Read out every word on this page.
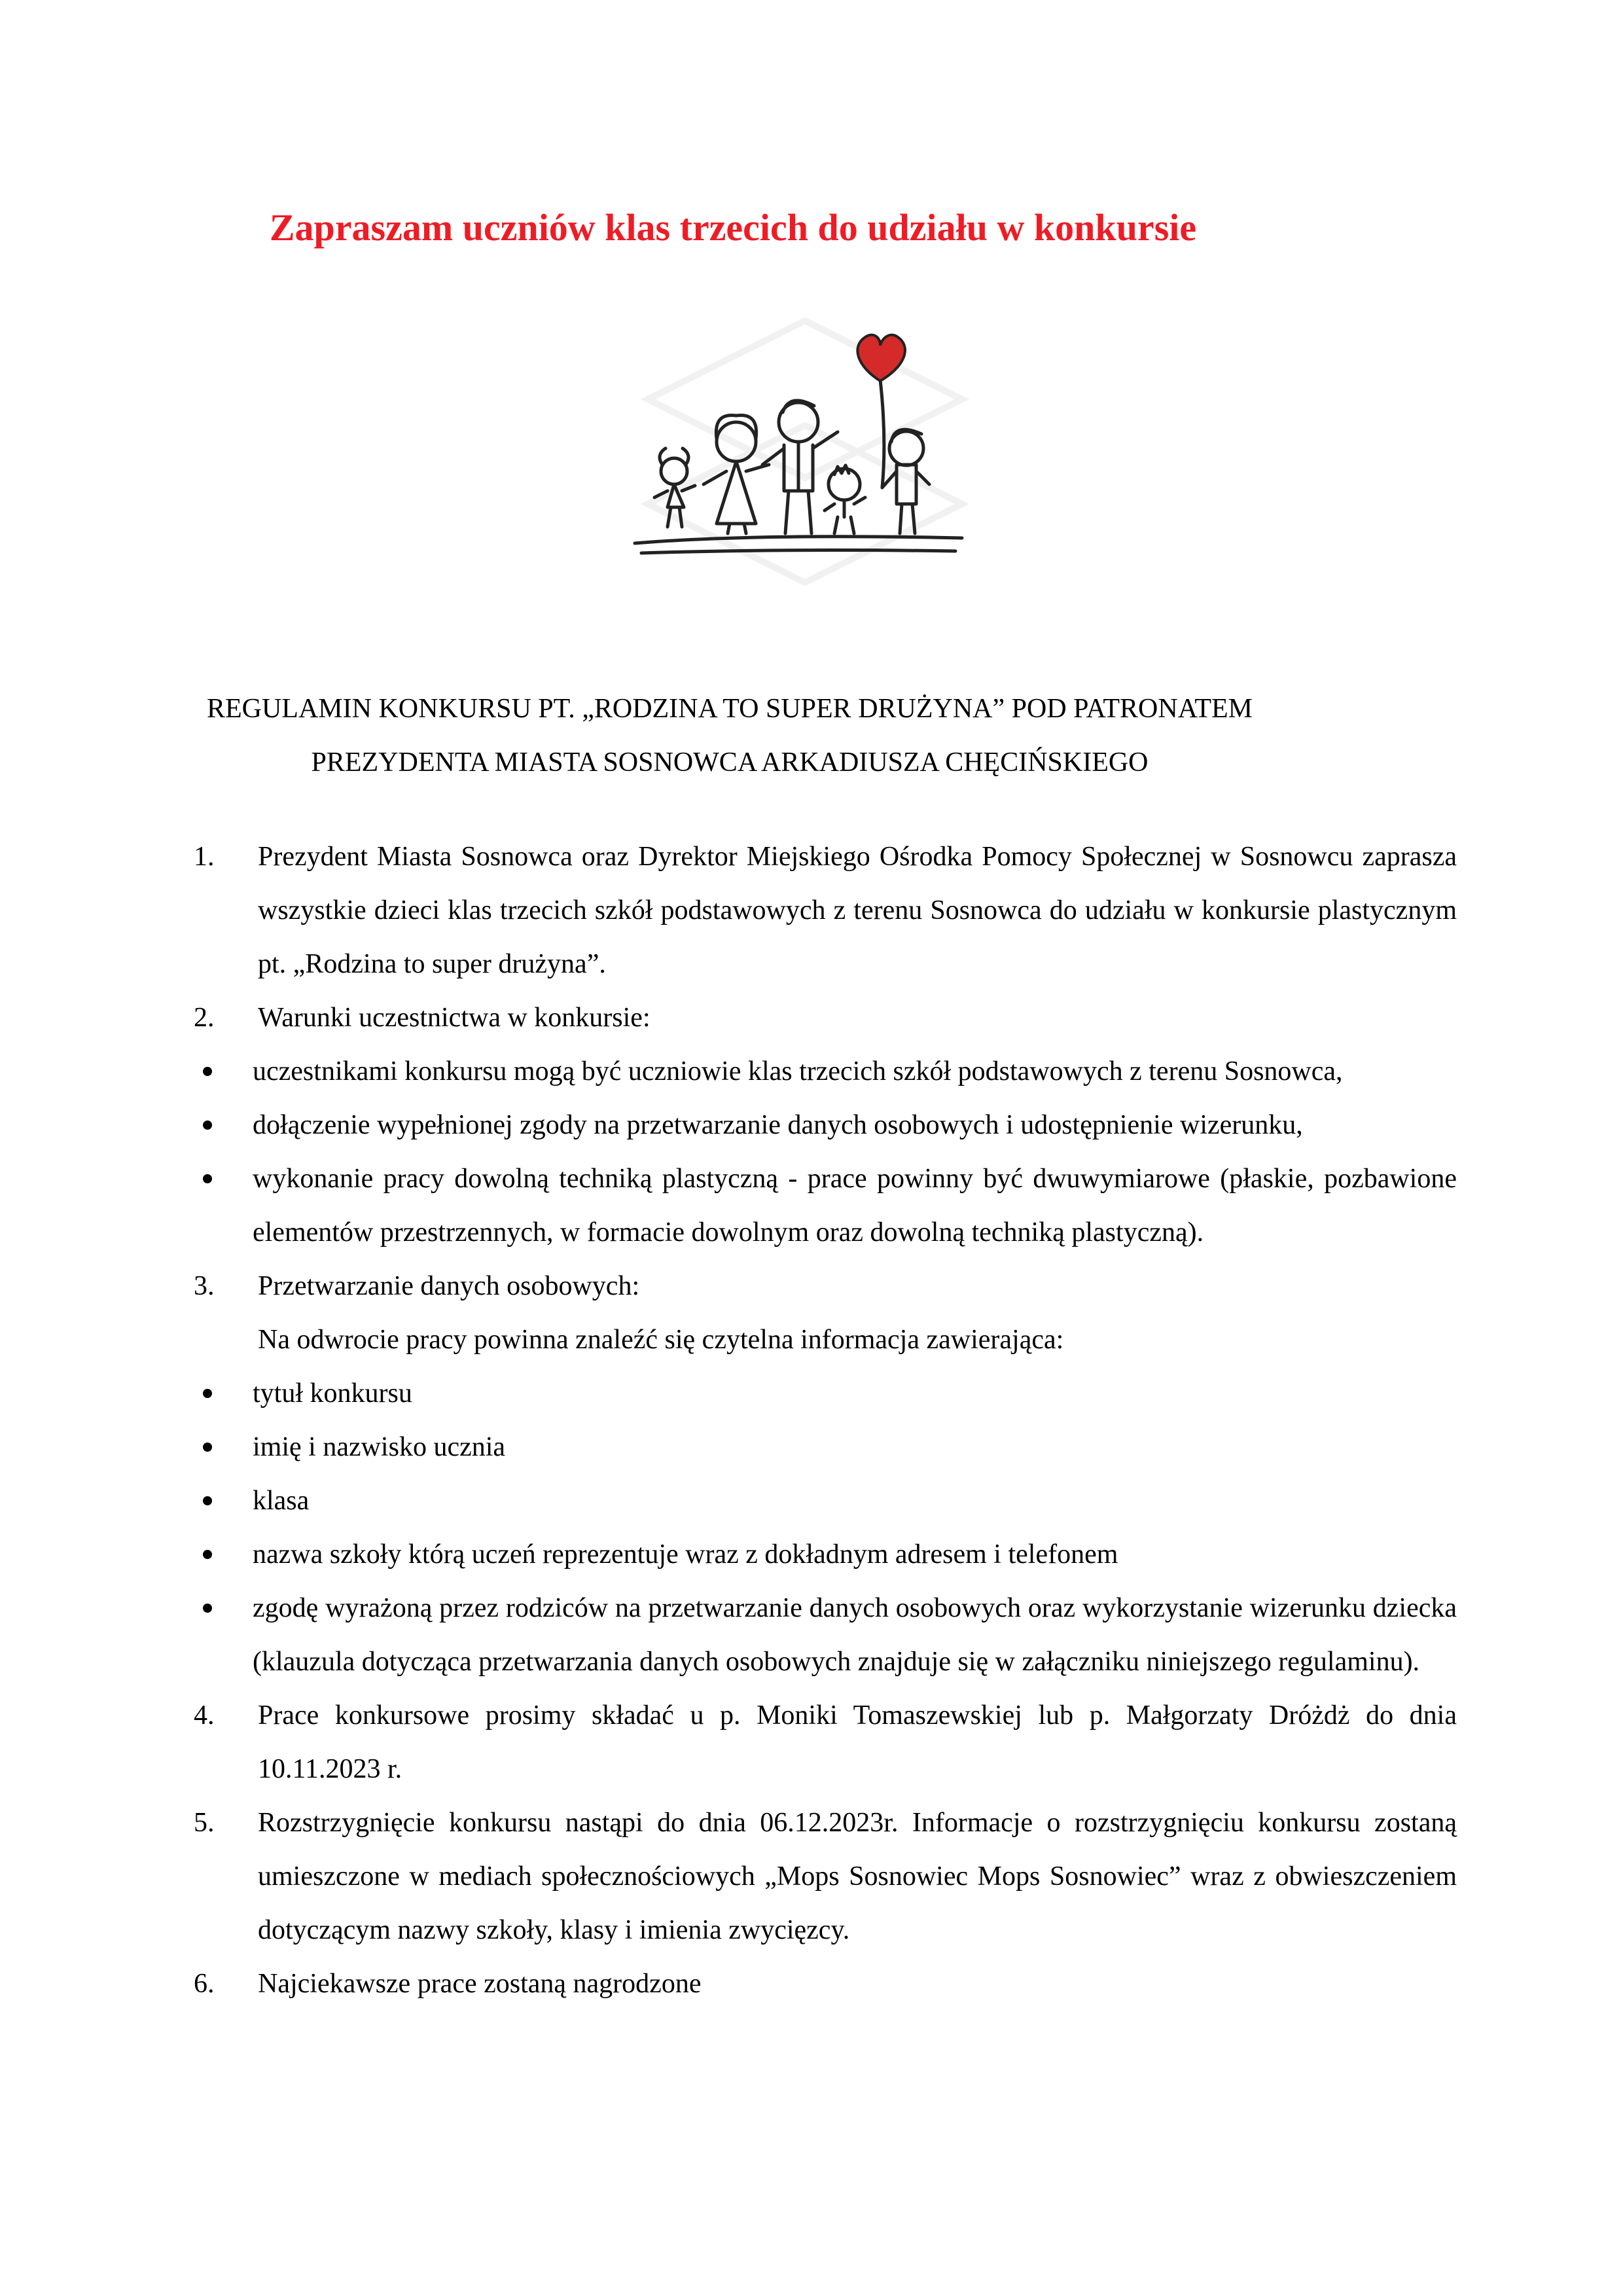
Zapraszam uczniów klas trzecich do udziału w konkursie
REGULAMIN KONKURSU PT. „RODZINA TO SUPER DRUŻYNA” POD PATRONATEM
PREZYDENTA MIASTA SOSNOWCA ARKADIUSZA CHĘCIŃSKIEGO
1. Prezydent Miasta Sosnowca oraz Dyrektor Miejskiego Ośrodka Pomocy Społecznej w Sosnowcu zaprasza wszystkie dzieci klas trzecich szkół podstawowych z terenu Sosnowca do udziału w konkursie plastycznym pt. „Rodzina to super drużyna”.
2. Warunki uczestnictwa w konkursie:
uczestnikami konkursu mogą być uczniowie klas trzecich szkół podstawowych z terenu Sosnowca,
dołączenie wypełnionej zgody na przetwarzanie danych osobowych i udostępnienie wizerunku,
wykonanie pracy dowolną techniką plastyczną - prace powinny być dwuwymiarowe (płaskie, pozbawione elementów przestrzennych, w formacie dowolnym oraz dowolną techniką plastyczną).
3. Przetwarzanie danych osobowych:
Na odwrocie pracy powinna znaleźć się czytelna informacja zawierająca:
tytuł konkursu
imię i nazwisko ucznia
klasa
nazwa szkoły którą uczeń reprezentuje wraz z dokładnym adresem i telefonem
zgodę wyrażoną przez rodziców na przetwarzanie danych osobowych oraz wykorzystanie wizerunku dziecka (klauzula dotycząca przetwarzania danych osobowych znajduje się w załączniku niniejszego regulaminu).
4. Prace konkursowe prosimy składać u p. Moniki Tomaszewskiej lub p. Małgorzaty Dróżdż do dnia 10.11.2023 r.
5. Rozstrzygnięcie konkursu nastąpi do dnia 06.12.2023r. Informacje o rozstrzygnięciu konkursu zostaną umieszczone w mediach społecznościowych „Mops Sosnowiec Mops Sosnowiec” wraz z obwieszczeniem dotyczącym nazwy szkoły, klasy i imienia zwycięzcy.
6. Najciekawsze prace zostaną nagrodzone
